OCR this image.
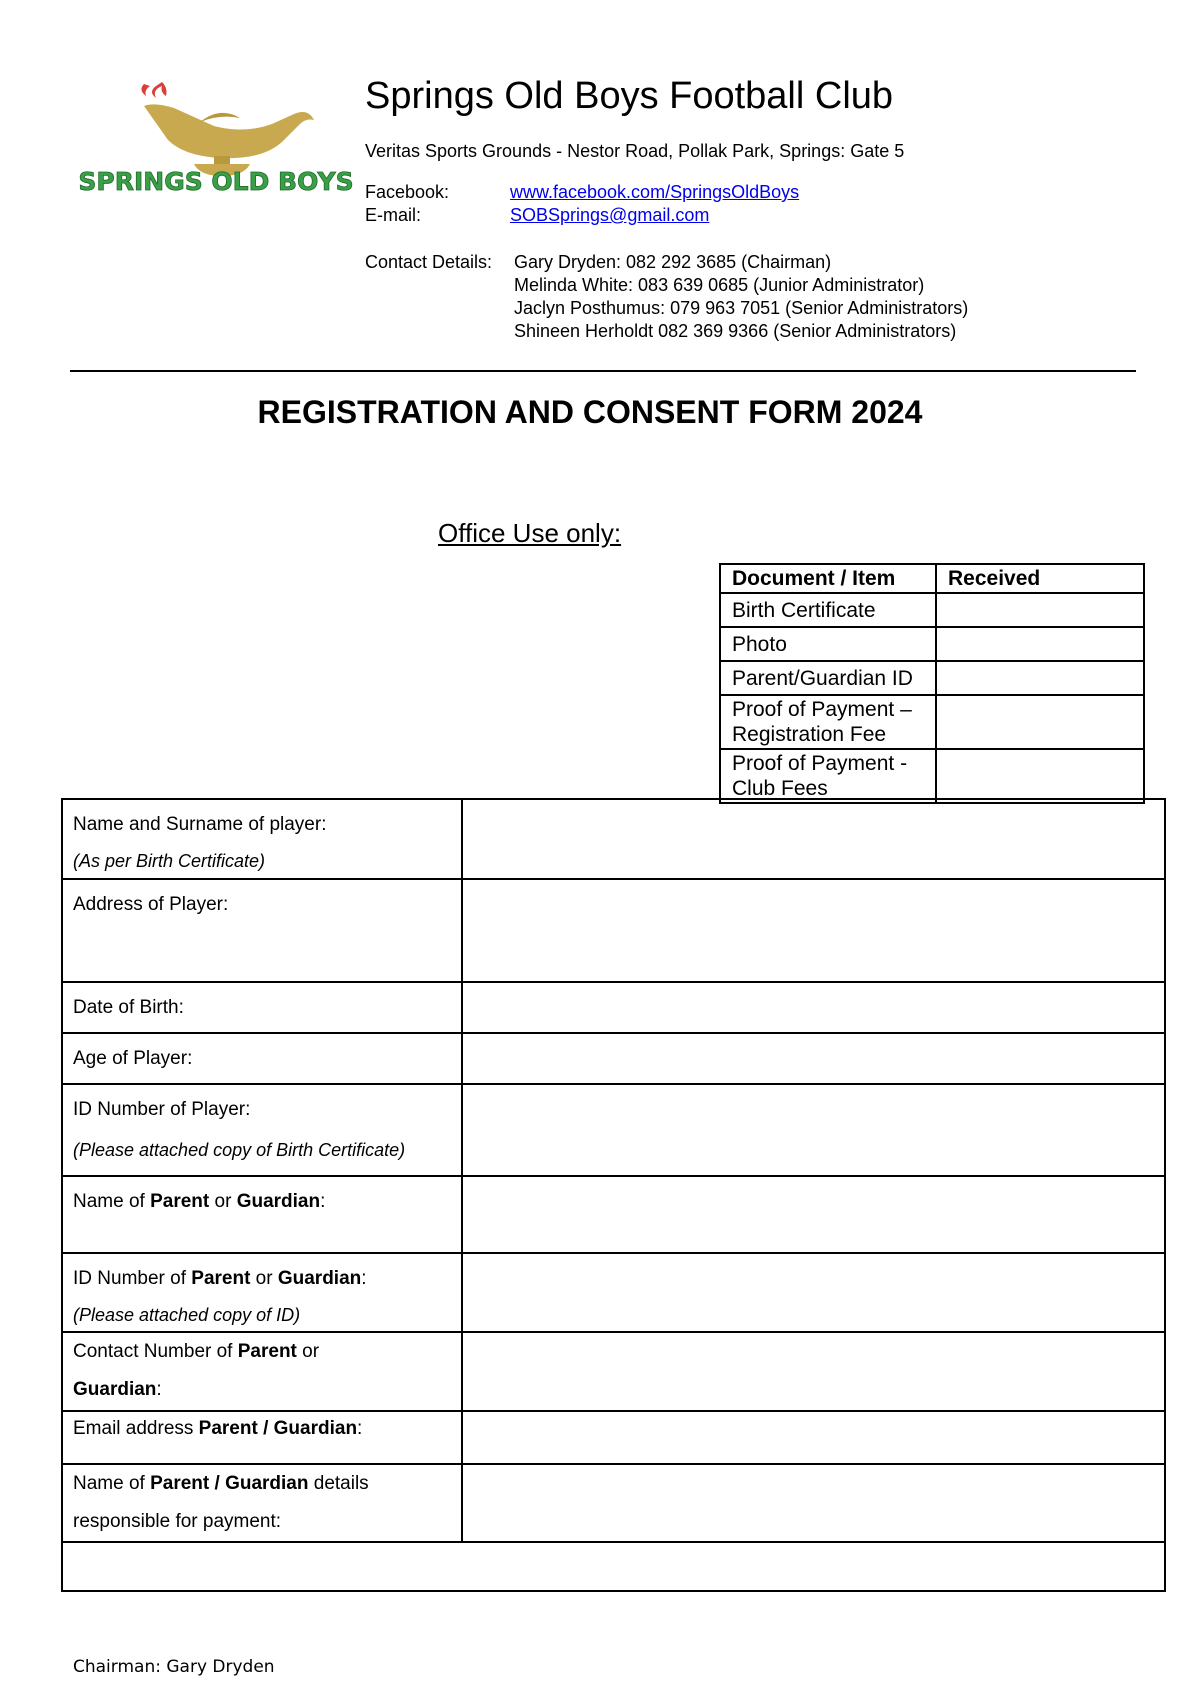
SPRINGS OLD BOYS
Springs Old Boys Football Club
Veritas Sports Grounds - Nestor Road, Pollak Park, Springs: Gate 5
Facebook:	www.facebook.com/SpringsOldBoys
E-mail:	SOBSprings@gmail.com
Contact Details: Gary Dryden: 082 292 3685 (Chairman)
Melinda White: 083 639 0685 (Junior Administrator)
Jaclyn Posthumus: 079 963 7051 (Senior Administrators)
Shineen Herholdt 082 369 9366 (Senior Administrators)
REGISTRATION AND CONSENT FORM 2024
Office Use only:
Document / Item	Received
Birth Certificate	
Photo	
Parent/Guardian ID	
Proof of Payment – Registration Fee	
Proof of Payment - Club Fees	
Name and Surname of player:
(As per Birth Certificate)	

Address of Player:	
Date of Birth:	
Age of Player:	
ID Number of Player:
(Please attached copy of Birth Certificate)	

Name of Parent or Guardian:	
ID Number of Parent or Guardian:
(Please attached copy of ID)	

Contact Number of Parent or
Guardian:	
Email address Parent / Guardian:	
Name of Parent / Guardian details
responsible for payment:	

Chairman: Gary Dryden
